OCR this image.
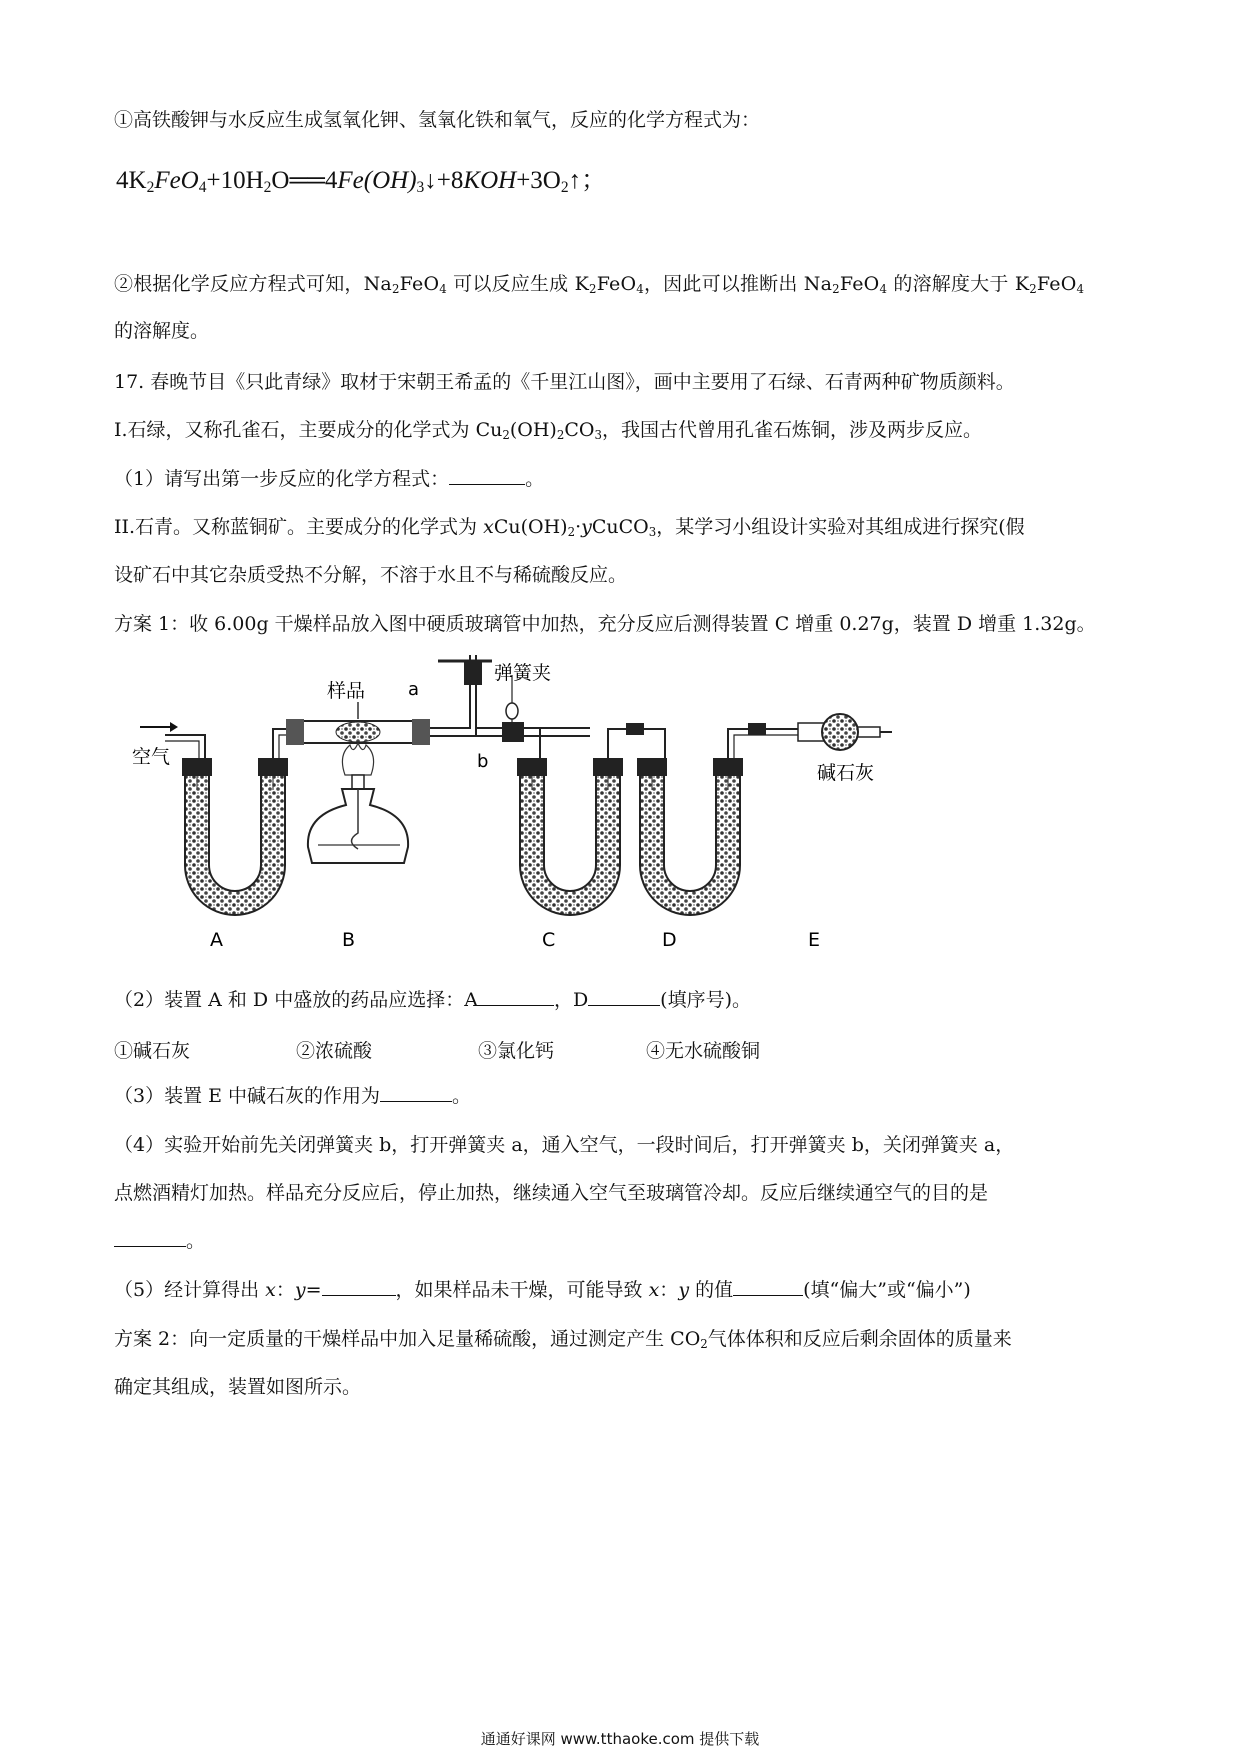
①高铁酸钾与水反应生成氢氧化钾、氢氧化铁和氧气，反应的化学方程式为：
$4K_2FeO_4+10H_2O══4Fe(OH)_3↓+8KOH+3O_2↑$；
②根据化学反应方程式可知，$Na_2FeO_4$ 可以反应生成 $K_2FeO_4$，因此可以推断出 $Na_2FeO_4$ 的溶解度大于 $K_2FeO_4$
的溶解度。
17. 春晚节目《只此青绿》取材于宋朝王希孟的《千里江山图》，画中主要用了石绿、石青两种矿物质颜料。
I.石绿，又称孔雀石，主要成分的化学式为 $Cu_2(OH)_2CO_3$，我国古代曾用孔雀石炼铜，涉及两步反应。
（1）请写出第一步反应的化学方程式：	。
II.石青。又称蓝铜矿。主要成分的化学式为 $xCu(OH)_2\cdot yCuCO_3$，某学习小组设计实验对其组成进行探究(假
设矿石中其它杂质受热不分解，不溶于水且不与稀硫酸反应。
方案 1：收 6.00g 干燥样品放入图中硬质玻璃管中加热，充分反应后测得装置 C 增重 0.27g，装置 D 增重 1.32g。
空气
样品 a
b
弹簧夹
碱石灰
A	B	C	D	E
（2）装置 A 和 D 中盛放的药品应选择：A	，D	(填序号)。
①碱石灰	②浓硫酸	③氯化钙	④无水硫酸铜
（3）装置 E 中碱石灰的作用为	。
（4）实验开始前先关闭弹簧夹 b，打开弹簧夹 a，通入空气，一段时间后，打开弹簧夹 b，关闭弹簧夹 a，
点燃酒精灯加热。样品充分反应后，停止加热，继续通入空气至玻璃管冷却。反应后继续通空气的目的是
。
（5）经计算得出 x：y=	，如果样品未干燥，可能导致 x：y 的值	(填“偏大”或“偏小”)
方案 2：向一定质量的干燥样品中加入足量稀硫酸，通过测定产生 $CO_2$气体体积和反应后剩余固体的质量来
确定其组成，装置如图所示。
通通好课网 www.tthaoke.com 提供下载
